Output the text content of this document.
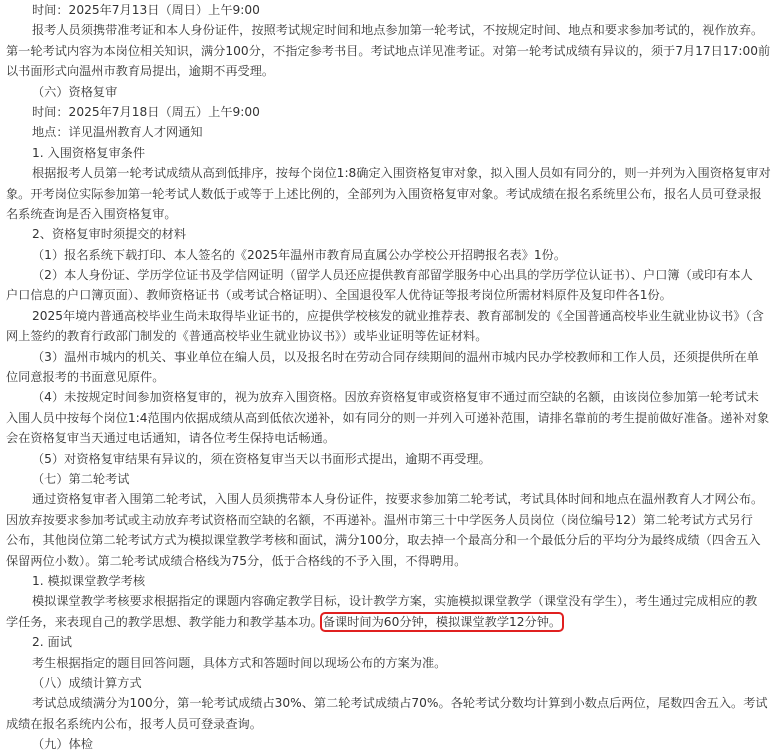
时间：2025年7月13日（周日）上午9:00
报考人员须携带准考证和本人身份证件，按照考试规定时间和地点参加第一轮考试，不按规定时间、地点和要求参加考试的，视作放弃。
第一轮考试内容为本岗位相关知识，满分100分，不指定参考书目。考试地点详见准考证。对第一轮考试成绩有异议的，须于7月17日17:00前
以书面形式向温州市教育局提出，逾期不再受理。
（六）资格复审
时间：2025年7月18日（周五）上午9:00
地点：详见温州教育人才网通知
1. 入围资格复审条件
根据报考人员第一轮考试成绩从高到低排序，按每个岗位1:8确定入围资格复审对象，拟入围人员如有同分的，则一并列为入围资格复审对
象。开考岗位实际参加第一轮考试人数低于或等于上述比例的，全部列为入围资格复审对象。考试成绩在报名系统里公布，报名人员可登录报
名系统查询是否入围资格复审。
2、资格复审时须提交的材料
（1）报名系统下载打印、本人签名的《2025年温州市教育局直属公办学校公开招聘报名表》1份。
（2）本人身份证、学历学位证书及学信网证明（留学人员还应提供教育部留学服务中心出具的学历学位认证书）、户口簿（或印有本人
户口信息的户口簿页面）、教师资格证书（或考试合格证明）、全国退役军人优待证等报考岗位所需材料原件及复印件各1份。
2025年境内普通高校毕业生尚未取得毕业证书的，应提供学校核发的就业推荐表、教育部制发的《全国普通高校毕业生就业协议书》（含
网上签约的教育行政部门制发的《普通高校毕业生就业协议书》）或毕业证明等佐证材料。
（3）温州市城内的机关、事业单位在编人员，以及报名时在劳动合同存续期间的温州市城内民办学校教师和工作人员，还须提供所在单
位同意报考的书面意见原件。
（4）未按规定时间参加资格复审的，视为放弃入围资格。因放弃资格复审或资格复审不通过而空缺的名额，由该岗位参加第一轮考试未
入围人员中按每个岗位1:4范围内依据成绩从高到低依次递补，如有同分的则一并列入可递补范围，请排名靠前的考生提前做好准备。递补对象
会在资格复审当天通过电话通知，请各位考生保持电话畅通。
（5）对资格复审结果有异议的，须在资格复审当天以书面形式提出，逾期不再受理。
（七）第二轮考试
通过资格复审者入围第二轮考试，入围人员须携带本人身份证件，按要求参加第二轮考试，考试具体时间和地点在温州教育人才网公布。
因放弃按要求参加考试或主动放弃考试资格而空缺的名额，不再递补。温州市第三十中学医务人员岗位（岗位编号12）第二轮考试方式另行
公布，其他岗位第二轮考试方式为模拟课堂教学考核和面试，满分100分，取去掉一个最高分和一个最低分后的平均分为最终成绩（四舍五入
保留两位小数）。第二轮考试成绩合格线为75分，低于合格线的不予入围，不得聘用。
1. 模拟课堂教学考核
模拟课堂教学考核要求根据指定的课题内容确定教学目标，设计教学方案，实施模拟课堂教学（课堂没有学生），考生通过完成相应的教
学任务，来表现自己的教学思想、教学能力和教学基本功。备课时间为60分钟，模拟课堂教学12分钟。
2. 面试
考生根据指定的题目回答问题，具体方式和答题时间以现场公布的方案为准。
（八）成绩计算方式
考试总成绩满分为100分，第一轮考试成绩占30%、第二轮考试成绩占70%。各轮考试分数均计算到小数点后两位，尾数四舍五入。考试
成绩在报名系统内公布，报考人员可登录查询。
（九）体检
